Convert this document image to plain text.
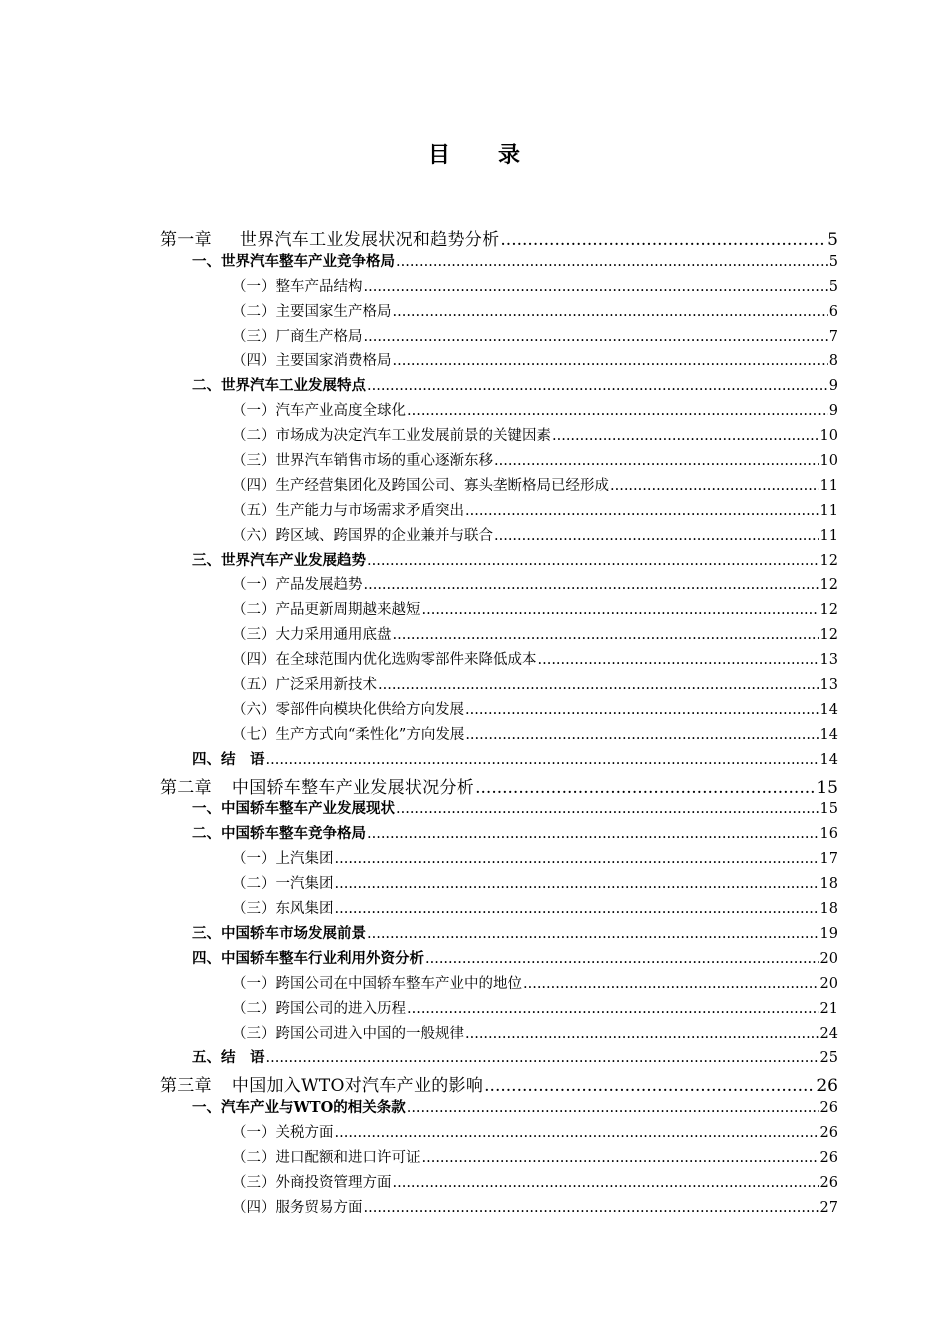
目 录
第一章 世界汽车工业发展状况和趋势分析 .....	5
一、世界汽车整车产业竞争格局 .....	5
（一）整车产品结构 .....	5
（二）主要国家生产格局 .....	6
（三）厂商生产格局 .....	7
（四）主要国家消费格局 .....	8
二、世界汽车工业发展特点 .....	9
（一）汽车产业高度全球化 .....	9
（二）市场成为决定汽车工业发展前景的关键因素 .....	10
（三）世界汽车销售市场的重心逐渐东移 .....	10
（四）生产经营集团化及跨国公司、寡头垄断格局已经形成 .....	11
（五）生产能力与市场需求矛盾突出 .....	11
（六）跨区域、跨国界的企业兼并与联合 .....	11
三、世界汽车产业发展趋势 .....	12
（一）产品发展趋势 .....	12
（二）产品更新周期越来越短 .....	12
（三）大力采用通用底盘 .....	12
（四）在全球范围内优化选购零部件来降低成本 .....	13
（五）广泛采用新技术 .....	13
（六）零部件向模块化供给方向发展 .....	14
（七）生产方式向“柔性化”方向发展 .....	14
四、结　语 .....	14
第二章 中国轿车整车产业发展状况分析 .....	15
一、中国轿车整车产业发展现状 .....	15
二、中国轿车整车竞争格局 .....	16
（一）上汽集团 .....	17
（二）一汽集团 .....	18
（三）东风集团 .....	18
三、中国轿车市场发展前景 .....	19
四、中国轿车整车行业利用外资分析 .....	20
（一）跨国公司在中国轿车整车产业中的地位 .....	20
（二）跨国公司的进入历程 .....	21
（三）跨国公司进入中国的一般规律 .....	24
五、结　语 .....	25
第三章 中国加入WTO对汽车产业的影响 .....	26
一、汽车产业与WTO的相关条款 .....	26
（一）关税方面 .....	26
（二）进口配额和进口许可证 .....	26
（三）外商投资管理方面 .....	26
（四）服务贸易方面 .....	27
